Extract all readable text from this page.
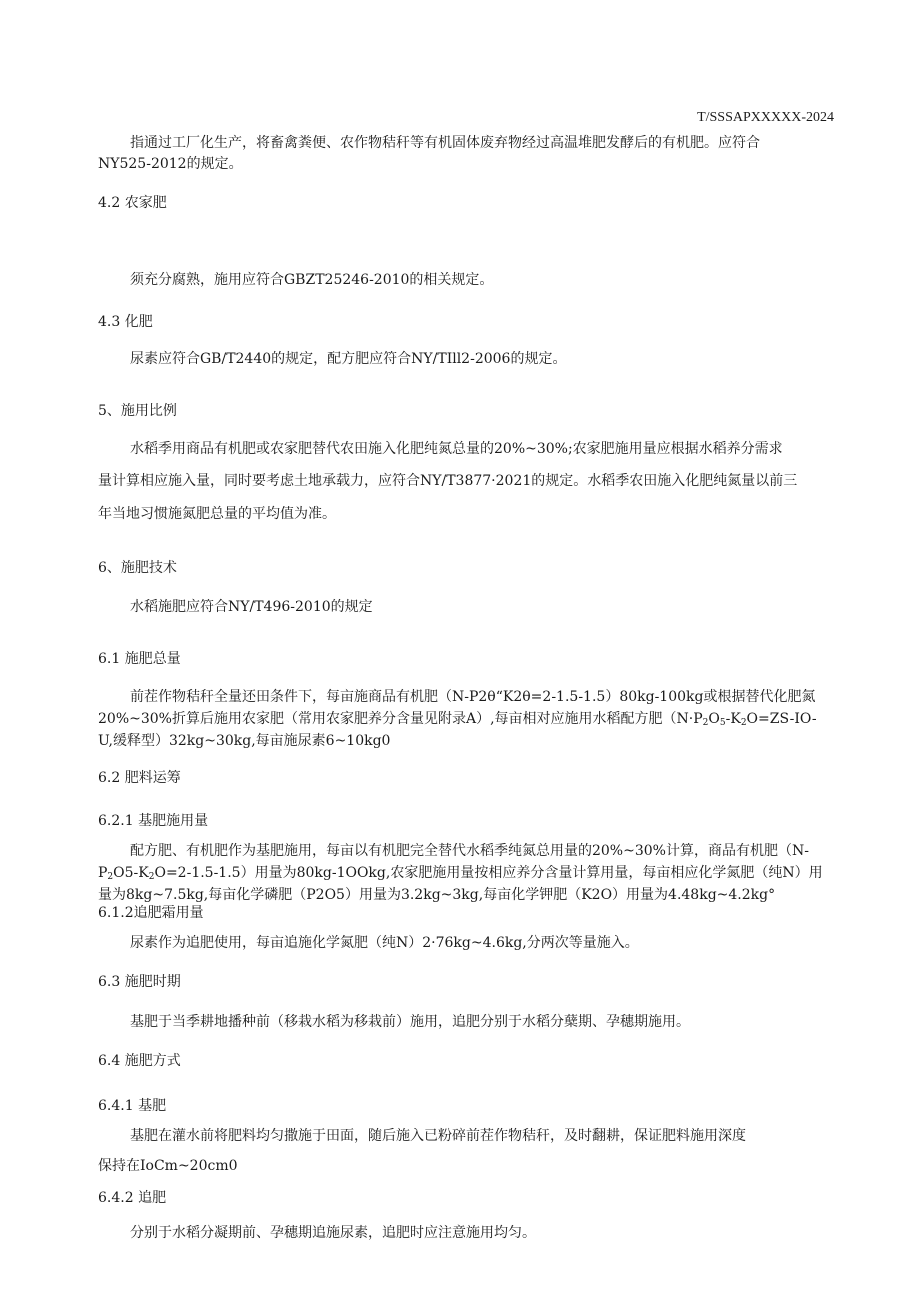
T/SSSAPXXXXX-2024
指通过工厂化生产，将畜禽粪便、农作物秸秆等有机固体废弃物经过高温堆肥发酵后的有机肥。应符合
NY525-2012的规定。
4.2 农家肥
须充分腐熟，施用应符合GBZT25246-2010的相关规定。
4.3 化肥
尿素应符合GB/T2440的规定，配方肥应符合NY/TIll2-2006的规定。
5、施用比例
水稻季用商品有机肥或农家肥替代农田施入化肥纯氮总量的20%~30%;农家肥施用量应根据水稻养分需求
量计算相应施入量，同时要考虑土地承载力，应符合NY/T3877·2021的规定。水稻季农田施入化肥纯氮量以前三
年当地习惯施氮肥总量的平均值为准。
6、施肥技术
水稻施肥应符合NY/T496-2010的规定
6.1 施肥总量
前茬作物秸秆全量还田条件下，每亩施商品有机肥（N-P2θ“K2θ=2-1.5-1.5）80kg-100kg或根据替代化肥氮
20%~30%折算后施用农家肥（常用农家肥养分含量见附录A）,每亩相对应施用水稻配方肥（$N\cdot P_2O_5-K_2O=ZS-IO-$
U,缓释型）32kg~30kg,每亩施尿素6~10kg0
6.2 肥料运筹
6.2.1 基肥施用量
配方肥、有机肥作为基肥施用，每亩以有机肥完全替代水稻季纯氮总用量的20%~30%计算，商品有机肥（N-
$P_2O5-K_2O=2-1.5-1.5$）用量为80kg-1OOkg,农家肥施用量按相应养分含量计算用量，每亩相应化学氮肥（纯N）用
量为8kg~7.5kg,每亩化学磷肥（P2O5）用量为3.2kg~3kg,每亩化学钾肥（K2O）用量为4.48kg~4.2kg°
6.1.2追肥霜用量
尿素作为追肥使用，每亩追施化学氮肥（纯N）2·76kg~4.6kg,分两次等量施入。
6.3 施肥时期
基肥于当季耕地播种前（移栽水稻为移栽前）施用，追肥分别于水稻分蘖期、孕穗期施用。
6.4 施肥方式
6.4.1 基肥
基肥在灌水前将肥料均匀撒施于田面，随后施入已粉碎前茬作物秸秆，及时翻耕，保证肥料施用深度
保持在IoCm~20cm0
6.4.2 追肥
分别于水稻分凝期前、孕穗期追施尿素，追肥时应注意施用均匀。
